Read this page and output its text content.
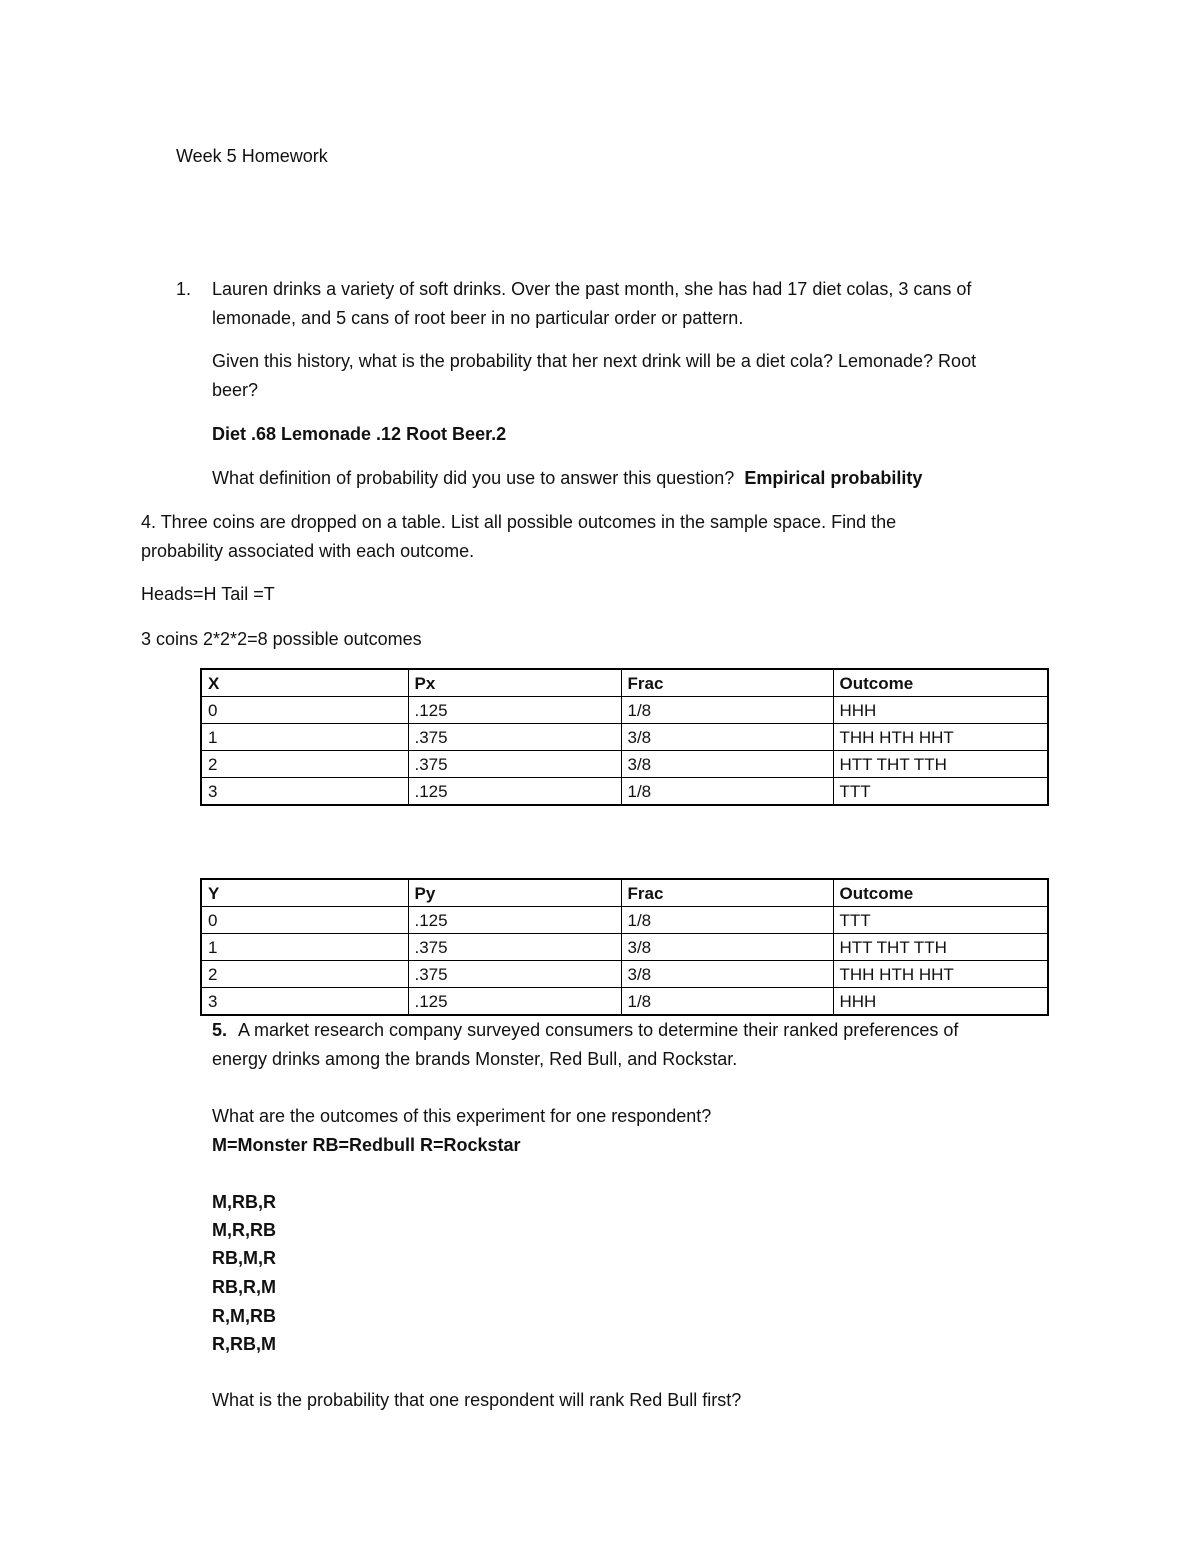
Week 5 Homework
1. Lauren drinks a variety of soft drinks. Over the past month, she has had 17 diet colas, 3 cans of
lemonade, and 5 cans of root beer in no particular order or pattern.
Given this history, what is the probability that her next drink will be a diet cola? Lemonade? Root
beer?
Diet .68 Lemonade .12 Root Beer.2
What definition of probability did you use to answer this question? Empirical probability
4. Three coins are dropped on a table. List all possible outcomes in the sample space. Find the
probability associated with each outcome.
Heads=H Tail =T
3 coins 2*2*2=8 possible outcomes
X	Px	Frac	Outcome
0	.125	1/8	HHH
1	.375	3/8	THH HTH HHT
2	.375	3/8	HTT THT TTH
3	.125	1/8	TTT
Y	Py	Frac	Outcome
0	.125	1/8	TTT
1	.375	3/8	HTT THT TTH
2	.375	3/8	THH HTH HHT
3	.125	1/8	HHH
5. A market research company surveyed consumers to determine their ranked preferences of
energy drinks among the brands Monster, Red Bull, and Rockstar.
What are the outcomes of this experiment for one respondent?
M=Monster RB=Redbull R=Rockstar
M,RB,R
M,R,RB
RB,M,R
RB,R,M
R,M,RB
R,RB,M
What is the probability that one respondent will rank Red Bull first?
